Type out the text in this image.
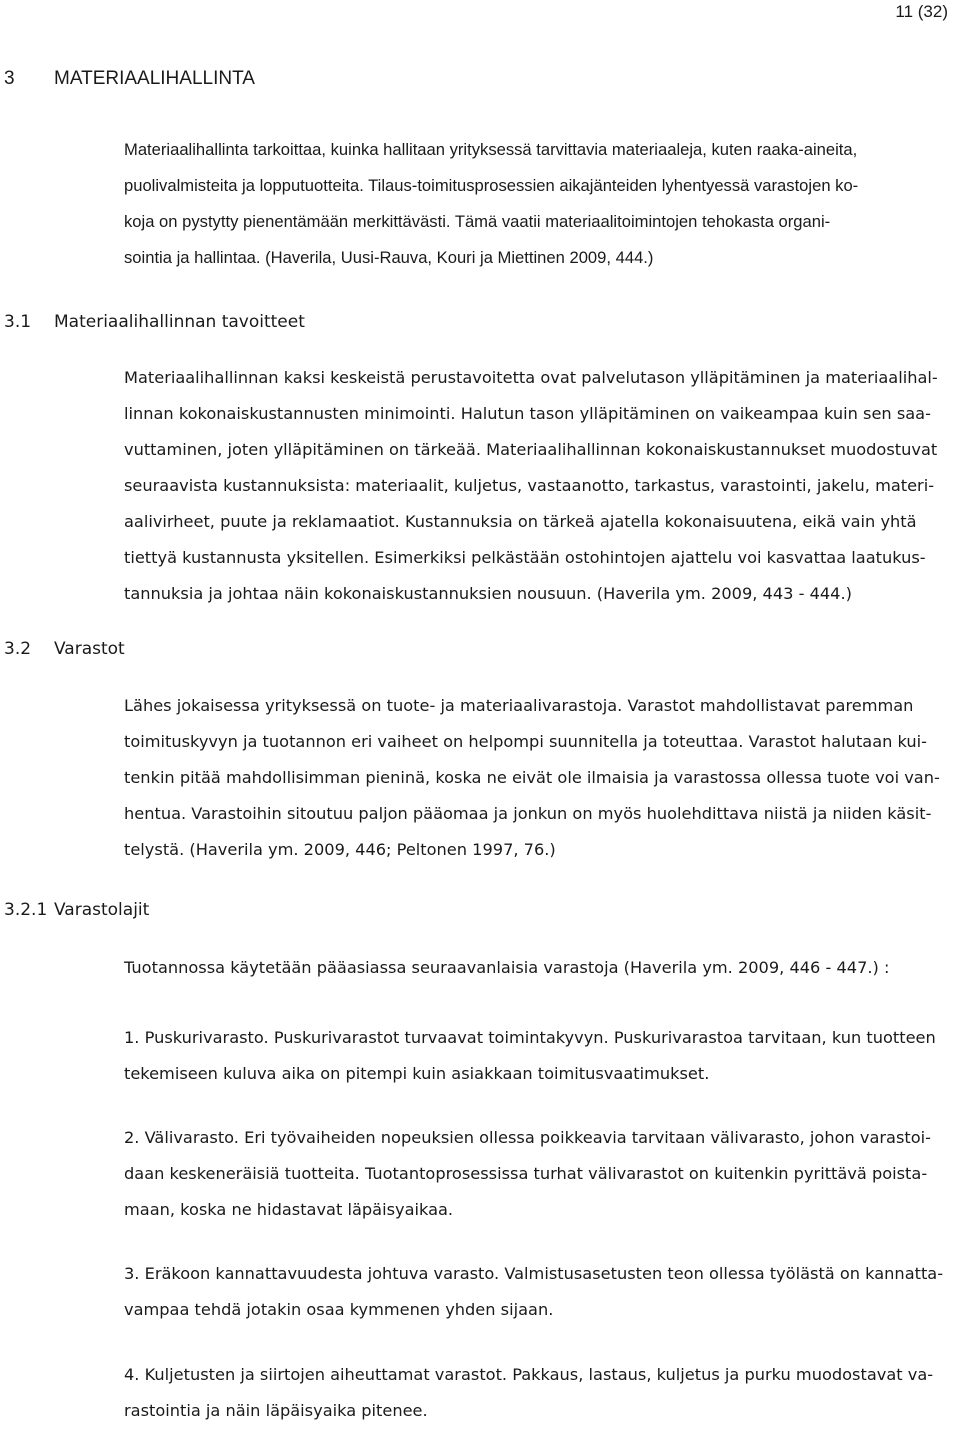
11 (32)
3 MATERIAALIHALLINTA
Materiaalihallinta tarkoittaa, kuinka hallitaan yrityksessä tarvittavia materiaaleja, kuten raaka-aineita,
puolivalmisteita ja lopputuotteita. Tilaus-toimitusprosessien aikajänteiden lyhentyessä varastojen ko-
koja on pystytty pienentämään merkittävästi. Tämä vaatii materiaalitoimintojen tehokasta organi-
sointia ja hallintaa. (Haverila, Uusi-Rauva, Kouri ja Miettinen 2009, 444.)
3.1 Materiaalihallinnan tavoitteet
Materiaalihallinnan kaksi keskeistä perustavoitetta ovat palvelutason ylläpitäminen ja materiaalihal-
linnan kokonaiskustannusten minimointi. Halutun tason ylläpitäminen on vaikeampaa kuin sen saa-
vuttaminen, joten ylläpitäminen on tärkeää. Materiaalihallinnan kokonaiskustannukset muodostuvat
seuraavista kustannuksista: materiaalit, kuljetus, vastaanotto, tarkastus, varastointi, jakelu, materi-
aalivirheet, puute ja reklamaatiot. Kustannuksia on tärkeä ajatella kokonaisuutena, eikä vain yhtä
tiettyä kustannusta yksitellen. Esimerkiksi pelkästään ostohintojen ajattelu voi kasvattaa laatukus-
tannuksia ja johtaa näin kokonaiskustannuksien nousuun. (Haverila ym. 2009, 443 - 444.)
3.2 Varastot
Lähes jokaisessa yrityksessä on tuote- ja materiaalivarastoja. Varastot mahdollistavat paremman
toimituskyvyn ja tuotannon eri vaiheet on helpompi suunnitella ja toteuttaa. Varastot halutaan kui-
tenkin pitää mahdollisimman pieninä, koska ne eivät ole ilmaisia ja varastossa ollessa tuote voi van-
hentua. Varastoihin sitoutuu paljon pääomaa ja jonkun on myös huolehdittava niistä ja niiden käsit-
telystä. (Haverila ym. 2009, 446; Peltonen 1997, 76.)
3.2.1 Varastolajit
Tuotannossa käytetään pääasiassa seuraavanlaisia varastoja (Haverila ym. 2009, 446 - 447.) :
1. Puskurivarasto. Puskurivarastot turvaavat toimintakyvyn. Puskurivarastoa tarvitaan, kun tuotteen
tekemiseen kuluva aika on pitempi kuin asiakkaan toimitusvaatimukset.
2. Välivarasto. Eri työvaiheiden nopeuksien ollessa poikkeavia tarvitaan välivarasto, johon varastoi-
daan keskeneräisiä tuotteita. Tuotantoprosessissa turhat välivarastot on kuitenkin pyrittävä poista-
maan, koska ne hidastavat läpäisyaikaa.
3. Eräkoon kannattavuudesta johtuva varasto. Valmistusasetusten teon ollessa työlästä on kannatta-
vampaa tehdä jotakin osaa kymmenen yhden sijaan.
4. Kuljetusten ja siirtojen aiheuttamat varastot. Pakkaus, lastaus, kuljetus ja purku muodostavat va-
rastointia ja näin läpäisyaika pitenee.
